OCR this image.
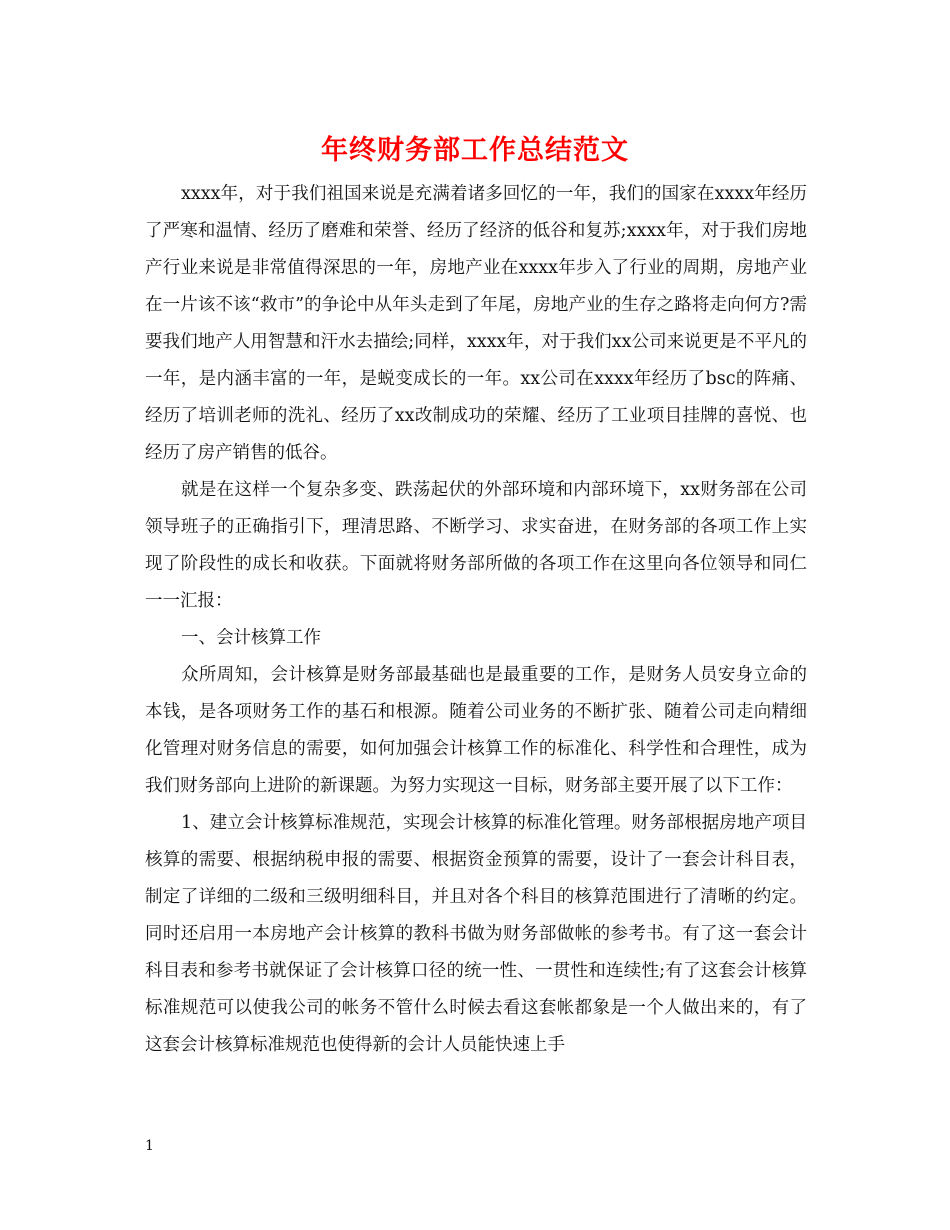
年终财务部工作总结范文

xxxx年，对于我们祖国来说是充满着诸多回忆的一年，我们的国家在xxxx年经历了严寒和温情、经历了磨难和荣誉、经历了经济的低谷和复苏;xxxx年，对于我们房地产行业来说是非常值得深思的一年，房地产业在xxxx年步入了行业的周期，房地产业在一片该不该“救市”的争论中从年头走到了年尾，房地产业的生存之路将走向何方?需要我们地产人用智慧和汗水去描绘;同样，xxxx年，对于我们xx公司来说更是不平凡的一年，是内涵丰富的一年，是蜕变成长的一年。xx公司在xxxx年经历了bsc的阵痛、经历了培训老师的洗礼、经历了xx改制成功的荣耀、经历了工业项目挂牌的喜悦、也经历了房产销售的低谷。

就是在这样一个复杂多变、跌荡起伏的外部环境和内部环境下，xx财务部在公司领导班子的正确指引下，理清思路、不断学习、求实奋进，在财务部的各项工作上实现了阶段性的成长和收获。下面就将财务部所做的各项工作在这里向各位领导和同仁一一汇报：

一、会计核算工作

众所周知，会计核算是财务部最基础也是最重要的工作，是财务人员安身立命的本钱，是各项财务工作的基石和根源。随着公司业务的不断扩张、随着公司走向精细化管理对财务信息的需要，如何加强会计核算工作的标准化、科学性和合理性，成为我们财务部向上进阶的新课题。为努力实现这一目标，财务部主要开展了以下工作：

1、建立会计核算标准规范，实现会计核算的标准化管理。财务部根据房地产项目核算的需要、根据纳税申报的需要、根据资金预算的需要，设计了一套会计科目表，制定了详细的二级和三级明细科目，并且对各个科目的核算范围进行了清晰的约定。同时还启用一本房地产会计核算的教科书做为财务部做帐的参考书。有了这一套会计科目表和参考书就保证了会计核算口径的统一性、一贯性和连续性;有了这套会计核算标准规范可以使我公司的帐务不管什么时候去看这套帐都象是一个人做出来的，有了这套会计核算标准规范也使得新的会计人员能快速上手

1
